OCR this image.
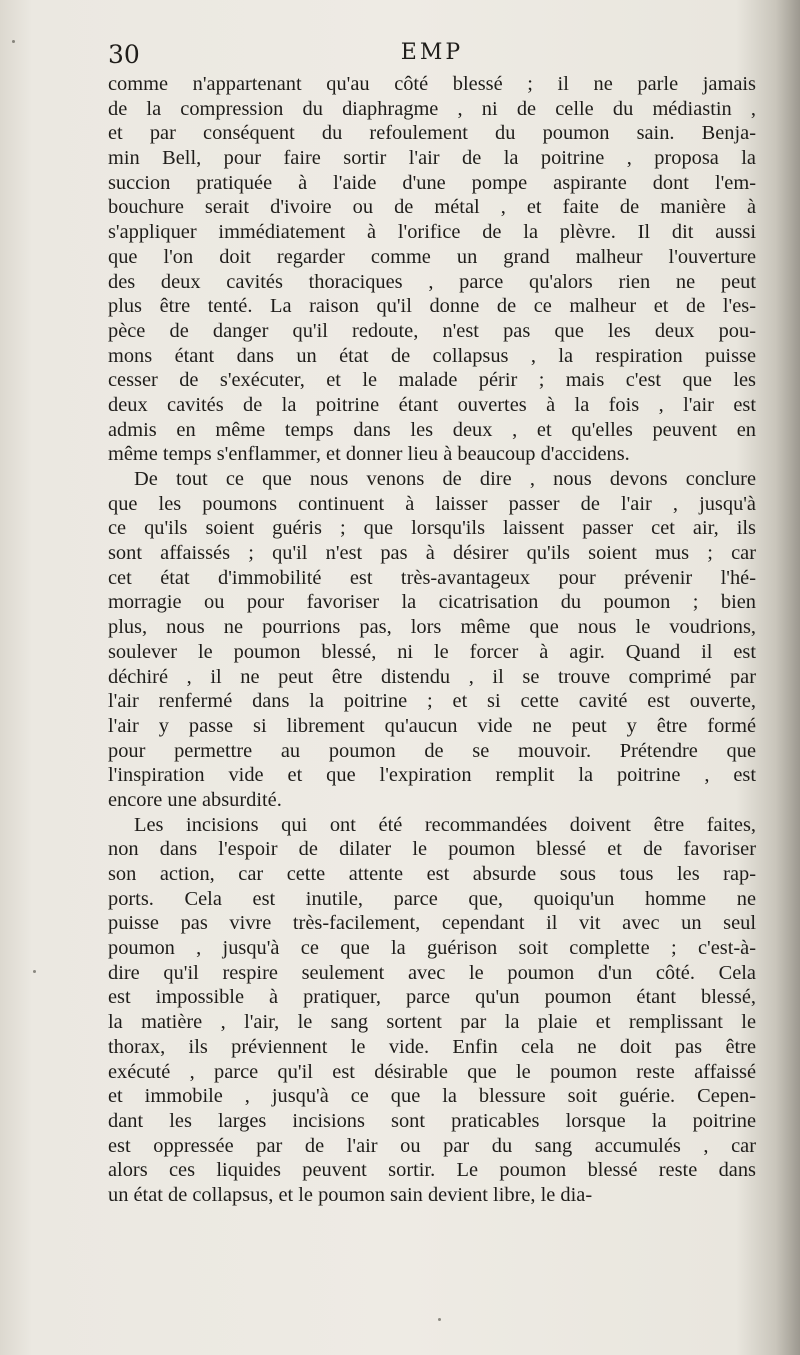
30	EMP
comme n'appartenant qu'au côté blessé ; il ne parle jamais
de la compression du diaphragme , ni de celle du médiastin ,
et par conséquent du refoulement du poumon sain. Benja-
min Bell, pour faire sortir l'air de la poitrine , proposa la
succion pratiquée à l'aide d'une pompe aspirante dont l'em-
bouchure serait d'ivoire ou de métal , et faite de manière à
s'appliquer immédiatement à l'orifice de la plèvre. Il dit aussi
que l'on doit regarder comme un grand malheur l'ouverture
des deux cavités thoraciques , parce qu'alors rien ne peut
plus être tenté. La raison qu'il donne de ce malheur et de l'es-
pèce de danger qu'il redoute, n'est pas que les deux pou-
mons étant dans un état de collapsus , la respiration puisse
cesser de s'exécuter, et le malade périr ; mais c'est que les
deux cavités de la poitrine étant ouvertes à la fois , l'air est
admis en même temps dans les deux , et qu'elles peuvent en
même temps s'enflammer, et donner lieu à beaucoup d'accidens.
De tout ce que nous venons de dire , nous devons conclure
que les poumons continuent à laisser passer de l'air , jusqu'à
ce qu'ils soient guéris ; que lorsqu'ils laissent passer cet air, ils
sont affaissés ; qu'il n'est pas à désirer qu'ils soient mus ; car
cet état d'immobilité est très-avantageux pour prévenir l'hé-
morragie ou pour favoriser la cicatrisation du poumon ; bien
plus, nous ne pourrions pas, lors même que nous le voudrions,
soulever le poumon blessé, ni le forcer à agir. Quand il est
déchiré , il ne peut être distendu , il se trouve comprimé par
l'air renfermé dans la poitrine ; et si cette cavité est ouverte,
l'air y passe si librement qu'aucun vide ne peut y être formé
pour permettre au poumon de se mouvoir. Prétendre que
l'inspiration vide et que l'expiration remplit la poitrine , est
encore une absurdité.
Les incisions qui ont été recommandées doivent être faites,
non dans l'espoir de dilater le poumon blessé et de favoriser
son action, car cette attente est absurde sous tous les rap-
ports. Cela est inutile, parce que, quoiqu'un homme ne
puisse pas vivre très-facilement, cependant il vit avec un seul
poumon , jusqu'à ce que la guérison soit complette ; c'est-à-
dire qu'il respire seulement avec le poumon d'un côté. Cela
est impossible à pratiquer, parce qu'un poumon étant blessé,
la matière , l'air, le sang sortent par la plaie et remplissant le
thorax, ils préviennent le vide. Enfin cela ne doit pas être
exécuté , parce qu'il est désirable que le poumon reste affaissé
et immobile , jusqu'à ce que la blessure soit guérie. Cepen-
dant les larges incisions sont praticables lorsque la poitrine
est oppressée par de l'air ou par du sang accumulés , car
alors ces liquides peuvent sortir. Le poumon blessé reste dans
un état de collapsus, et le poumon sain devient libre, le dia-
